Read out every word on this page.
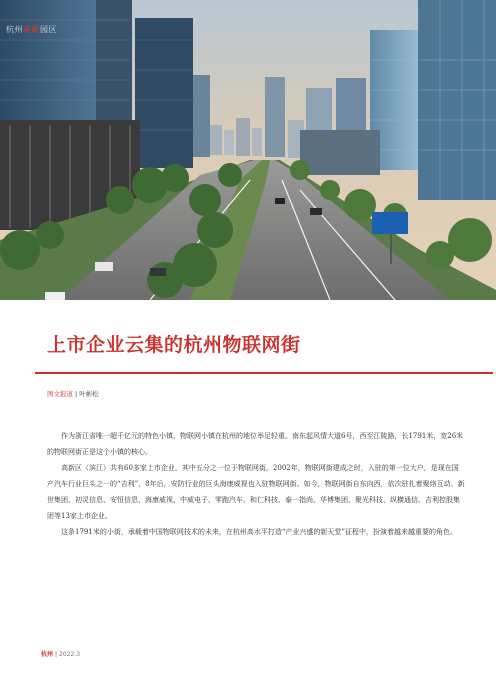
杭州高新园区
上市企业云集的杭州物联网街
图文报道 | 叶彬松

作为浙江省唯一超千亿元的特色小镇，物联网小镇在杭州的地位举足轻重。南东起风情大道6号，西至江陵路，长1791米，宽26米的物联网街正是这个小镇的核心。

高新区（滨江）共有60多家上市企业，其中五分之一位于物联网街。2002年，物联网街建成之时，入驻的第一位大户，是现在国产汽车行业巨头之一的“吉利”，8年后，安防行业的巨头海康威视也入驻物联网街。如今，物联网街自东向西，依次驻扎着聚络互动、新世集团、初灵信息、安恒信息、海康威视、中威电子、零跑汽车、和仁科技、泰一指尚、华博集团、聚光科技、纵横通信、吉利控股集团等13家上市企业。

这条1791米的小街，承载着中国物联网技术的未来，在杭州高水平打造“产业兴盛的新天堂”征程中，扮演着越来越重要的角色。

杭州 | 2022.3
